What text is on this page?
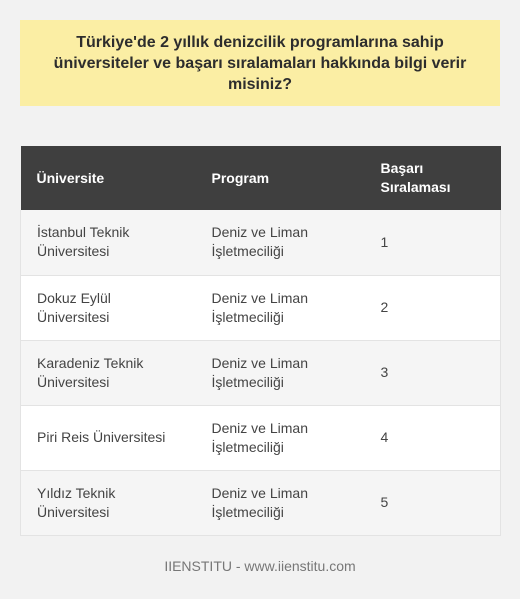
Türkiye'de 2 yıllık denizcilik programlarına sahip üniversiteler ve başarı sıralamaları hakkında bilgi verir misiniz?

Üniversite	Program	Başarı Sıralaması
İstanbul Teknik Üniversitesi	Deniz ve Liman İşletmeciliği	1
Dokuz Eylül Üniversitesi	Deniz ve Liman İşletmeciliği	2
Karadeniz Teknik Üniversitesi	Deniz ve Liman İşletmeciliği	3
Piri Reis Üniversitesi	Deniz ve Liman İşletmeciliği	4
Yıldız Teknik Üniversitesi	Deniz ve Liman İşletmeciliği	5
IIENSTITU - www.iienstitu.com
